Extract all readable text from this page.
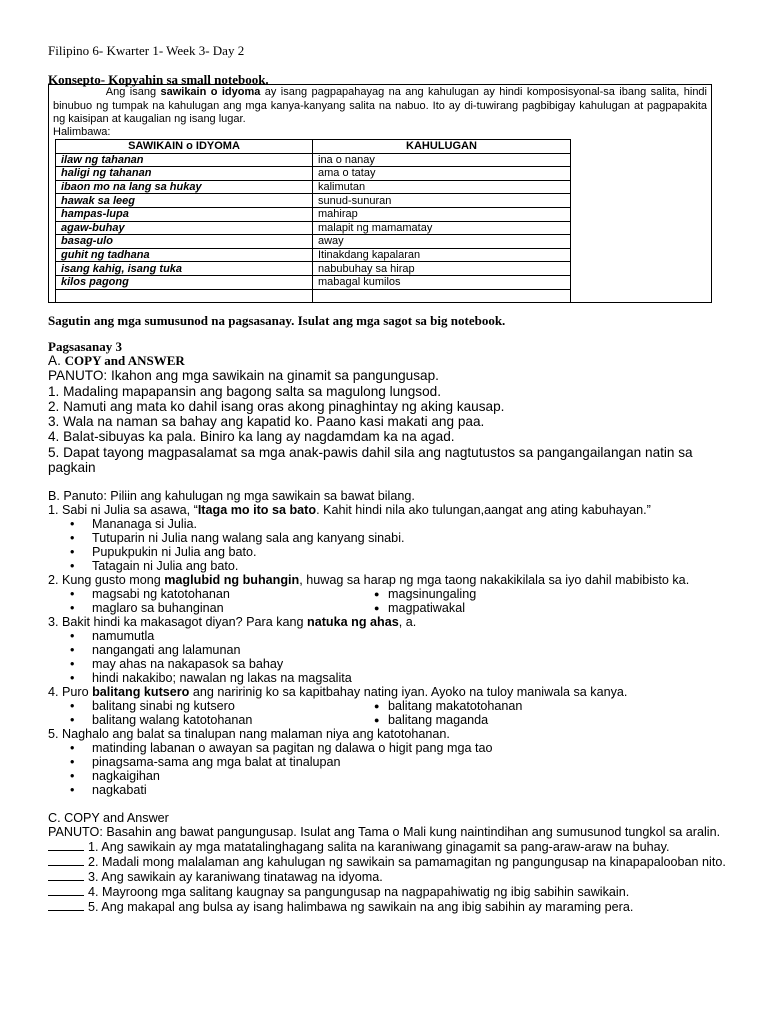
Filipino 6- Kwarter 1- Week 3- Day 2
Konsepto- Kopyahin sa small notebook.
Ang isang sawikain o idyoma ay isang pagpapahayag na ang kahulugan ay hindi komposisyonal-sa ibang salita, hindi binubuo ng tumpak na kahulugan ang mga kanya-kanyang salita na nabuo. Ito ay di-tuwirang pagbibigay kahulugan at pagpapakita ng kaisipan at kaugalian ng isang lugar.
Halimbawa:
SAWIKAIN o IDYOMA	KAHULUGAN
ilaw ng tahanan	ina o nanay
haligi ng tahanan	ama o tatay
ibaon mo na lang sa hukay	kalimutan
hawak sa leeg	sunud-sunuran
hampas-lupa	mahirap
agaw-buhay	malapit ng mamamatay
basag-ulo	away
guhit ng tadhana	Itinakdang kapalaran
isang kahig, isang tuka	nabubuhay sa hirap
kilos pagong	mabagal kumilos

Sagutin ang mga sumusunod na pagsasanay. Isulat ang mga sagot sa big notebook.
Pagsasanay 3
A. COPY and ANSWER
PANUTO: Ikahon ang mga sawikain na ginamit sa pangungusap.
1. Madaling mapapansin ang bagong salta sa magulong lungsod.
2. Namuti ang mata ko dahil isang oras akong pinaghintay ng aking kausap.
3. Wala na naman sa bahay ang kapatid ko. Paano kasi makati ang paa.
4. Balat-sibuyas ka pala. Biniro ka lang ay nagdamdam ka na agad.
5. Dapat tayong magpasalamat sa mga anak-pawis dahil sila ang nagtutustos sa pangangailangan natin sa pagkain
B. Panuto: Piliin ang kahulugan ng mga sawikain sa bawat bilang.
1. Sabi ni Julia sa asawa, “Itaga mo ito sa bato. Kahit hindi nila ako tulungan,aangat ang ating kabuhayan.”
• Mananaga si Julia.
• Tutuparin ni Julia nang walang sala ang kanyang sinabi.
• Pupukpukin ni Julia ang bato.
• Tatagain ni Julia ang bato.
2. Kung gusto mong maglubid ng buhangin, huwag sa harap ng mga taong nakakikilala sa iyo dahil mabibisto ka.
• magsabi ng katotohanan	● magsinungaling
• maglaro sa buhanginan	● magpatiwakal
3. Bakit hindi ka makasagot diyan? Para kang natuka ng ahas, a.
• namumutla
• nangangati ang lalamunan
• may ahas na nakapasok sa bahay
• hindi nakakibo; nawalan ng lakas na magsalita
4. Puro balitang kutsero ang naririnig ko sa kapitbahay nating iyan. Ayoko na tuloy maniwala sa kanya.
• balitang sinabi ng kutsero	● balitang makatotohanan
• balitang walang katotohanan	● balitang maganda
5. Naghalo ang balat sa tinalupan nang malaman niya ang katotohanan.
• matinding labanan o awayan sa pagitan ng dalawa o higit pang mga tao
• pinagsama-sama ang mga balat at tinalupan
• nagkaigihan
• nagkabati
C. COPY and Answer
PANUTO: Basahin ang bawat pangungusap. Isulat ang Tama o Mali kung naintindihan ang sumusunod tungkol sa aralin.
1. Ang sawikain ay mga matatalinghagang salita na karaniwang ginagamit sa pang-araw-araw na buhay.
2. Madali mong malalaman ang kahulugan ng sawikain sa pamamagitan ng pangungusap na kinapapalooban nito.
3. Ang sawikain ay karaniwang tinatawag na idyoma.
4. Mayroong mga salitang kaugnay sa pangungusap na nagpapahiwatig ng ibig sabihin sawikain.
5. Ang makapal ang bulsa ay isang halimbawa ng sawikain na ang ibig sabihin ay maraming pera.
